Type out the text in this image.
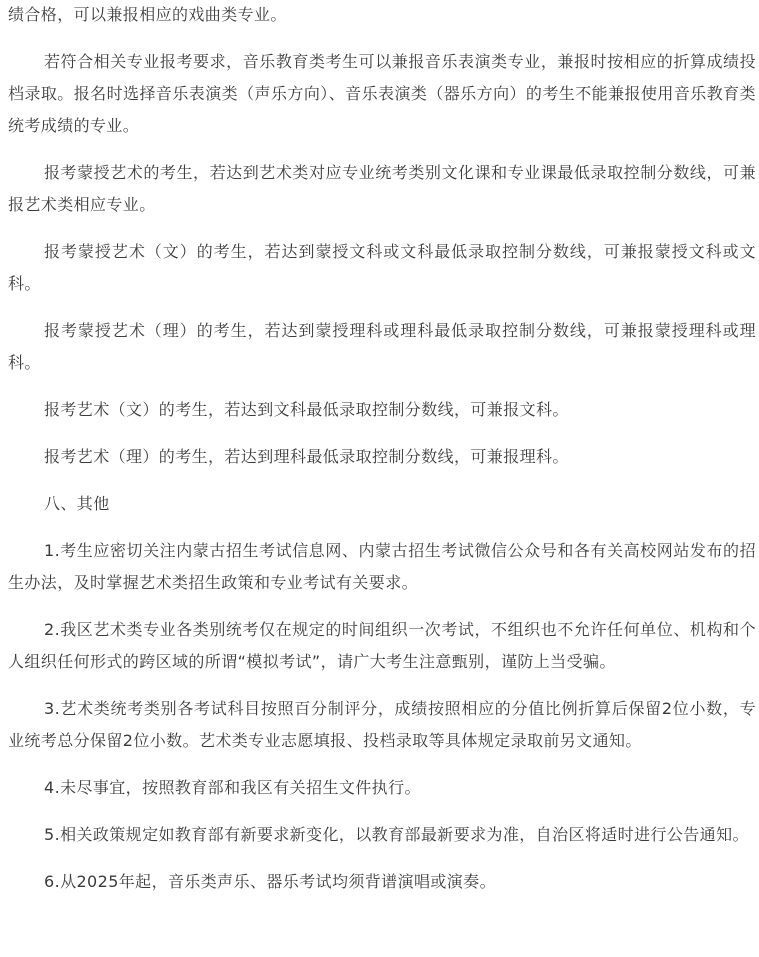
绩合格，可以兼报相应的戏曲类专业。

若符合相关专业报考要求，音乐教育类考生可以兼报音乐表演类专业，兼报时按相应的折算成绩投档录取。报名时选择音乐表演类（声乐方向）、音乐表演类（器乐方向）的考生不能兼报使用音乐教育类统考成绩的专业。

报考蒙授艺术的考生，若达到艺术类对应专业统考类别文化课和专业课最低录取控制分数线，可兼报艺术类相应专业。

报考蒙授艺术（文）的考生，若达到蒙授文科或文科最低录取控制分数线，可兼报蒙授文科或文科。

报考蒙授艺术（理）的考生，若达到蒙授理科或理科最低录取控制分数线，可兼报蒙授理科或理科。

报考艺术（文）的考生，若达到文科最低录取控制分数线，可兼报文科。

报考艺术（理）的考生，若达到理科最低录取控制分数线，可兼报理科。

八、其他

1.考生应密切关注内蒙古招生考试信息网、内蒙古招生考试微信公众号和各有关高校网站发布的招生办法，及时掌握艺术类招生政策和专业考试有关要求。

2.我区艺术类专业各类别统考仅在规定的时间组织一次考试，不组织也不允许任何单位、机构和个人组织任何形式的跨区域的所谓“模拟考试”，请广大考生注意甄别，谨防上当受骗。

3.艺术类统考类别各考试科目按照百分制评分，成绩按照相应的分值比例折算后保留2位小数，专业统考总分保留2位小数。艺术类专业志愿填报、投档录取等具体规定录取前另文通知。

4.未尽事宜，按照教育部和我区有关招生文件执行。

5.相关政策规定如教育部有新要求新变化，以教育部最新要求为准，自治区将适时进行公告通知。

6.从2025年起，音乐类声乐、器乐考试均须背谱演唱或演奏。
